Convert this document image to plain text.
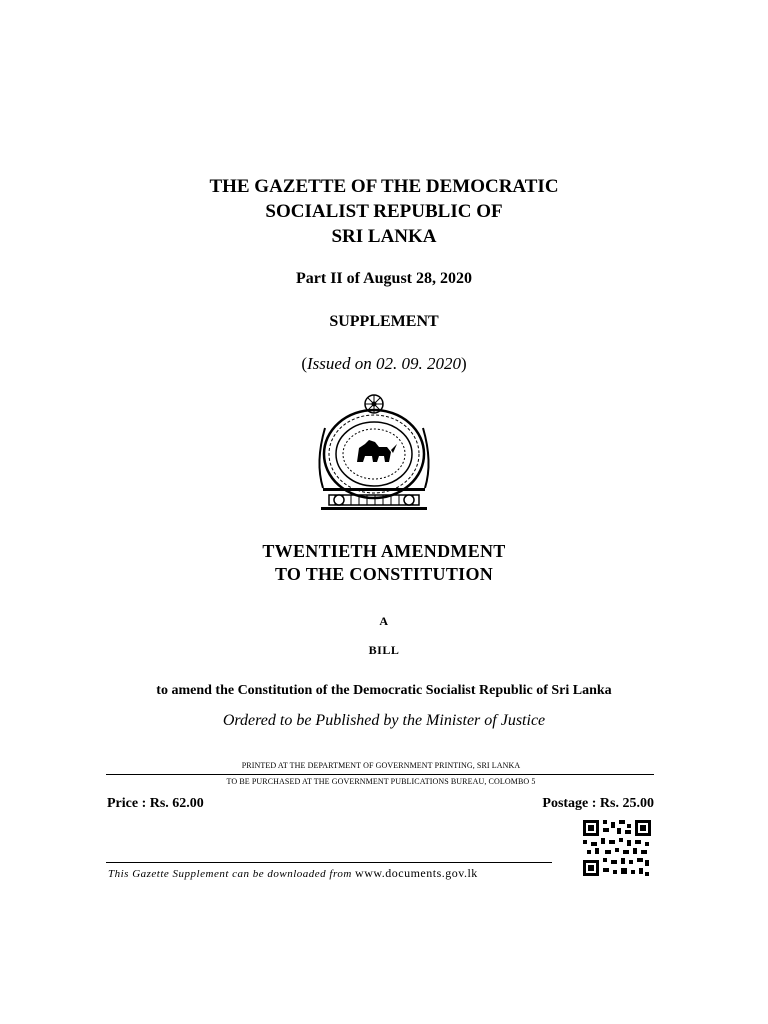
THE GAZETTE OF THE DEMOCRATIC
SOCIALIST REPUBLIC OF
SRI LANKA
Part II of August 28, 2020
SUPPLEMENT
(Issued on 02. 09. 2020)
TWENTIETH AMENDMENT
TO THE CONSTITUTION
A
BILL
to amend the Constitution of the Democratic Socialist Republic of Sri Lanka
Ordered to be Published by the Minister of Justice
PRINTED AT THE DEPARTMENT OF GOVERNMENT PRINTING, SRI LANKA
TO BE PURCHASED AT THE GOVERNMENT PUBLICATIONS BUREAU, COLOMBO 5
Price : Rs. 62.00	Postage : Rs. 25.00
This Gazette Supplement can be downloaded from www.documents.gov.lk
